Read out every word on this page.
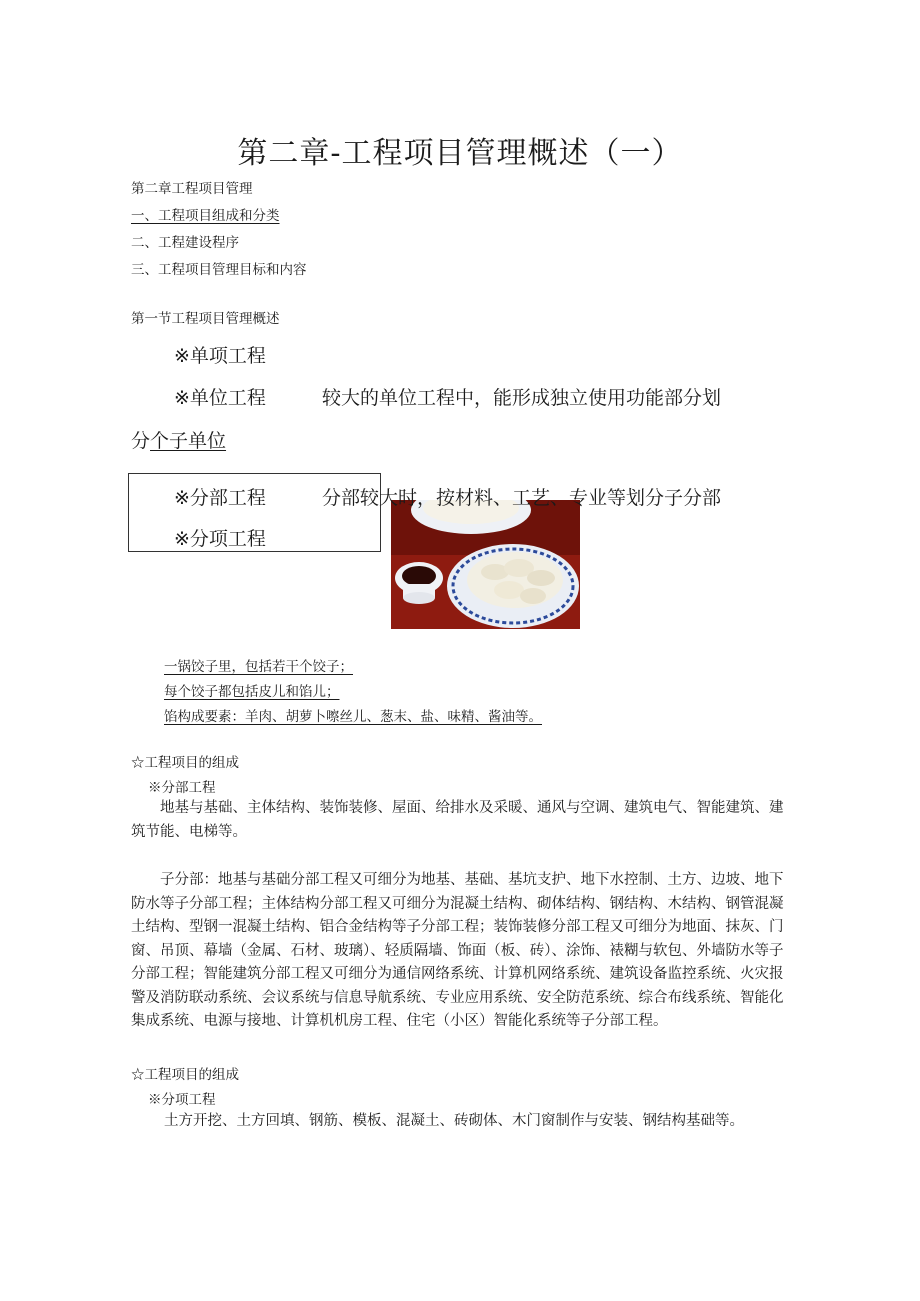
第二章-工程项目管理概述（一）
第二章工程项目管理
一、工程项目组成和分类
二、工程建设程序
三、工程项目管理目标和内容
第一节工程项目管理概述
※单项工程
※单位工程	较大的单位工程中，能形成独立使用功能部分划
分个子单位
※分部工程	分部较大时，按材料、工艺、专业等划分子分部
※分项工程
一锅饺子里，包括若干个饺子；
每个饺子都包括皮儿和馅儿；
馅构成要素：羊肉、胡萝卜嚓丝儿、葱末、盐、味精、酱油等。
☆工程项目的组成
※分部工程
地基与基础、主体结构、装饰装修、屋面、给排水及采暖、通风与空调、建筑电气、智能建筑、建筑节能、电梯等。
子分部：地基与基础分部工程又可细分为地基、基础、基坑支护、地下水控制、土方、边坡、地下防水等子分部工程；主体结构分部工程又可细分为混凝土结构、砌体结构、钢结构、木结构、钢管混凝土结构、型钢一混凝土结构、铝合金结构等子分部工程；装饰装修分部工程又可细分为地面、抹灰、门窗、吊顶、幕墙（金属、石材、玻璃）、轻质隔墙、饰面（板、砖）、涂饰、裱糊与软包、外墙防水等子分部工程；智能建筑分部工程又可细分为通信网络系统、计算机网络系统、建筑设备监控系统、火灾报警及消防联动系统、会议系统与信息导航系统、专业应用系统、安全防范系统、综合布线系统、智能化集成系统、电源与接地、计算机机房工程、住宅（小区）智能化系统等子分部工程。
☆工程项目的组成
※分项工程
土方开挖、土方回填、钢筋、模板、混凝土、砖砌体、木门窗制作与安装、钢结构基础等。
